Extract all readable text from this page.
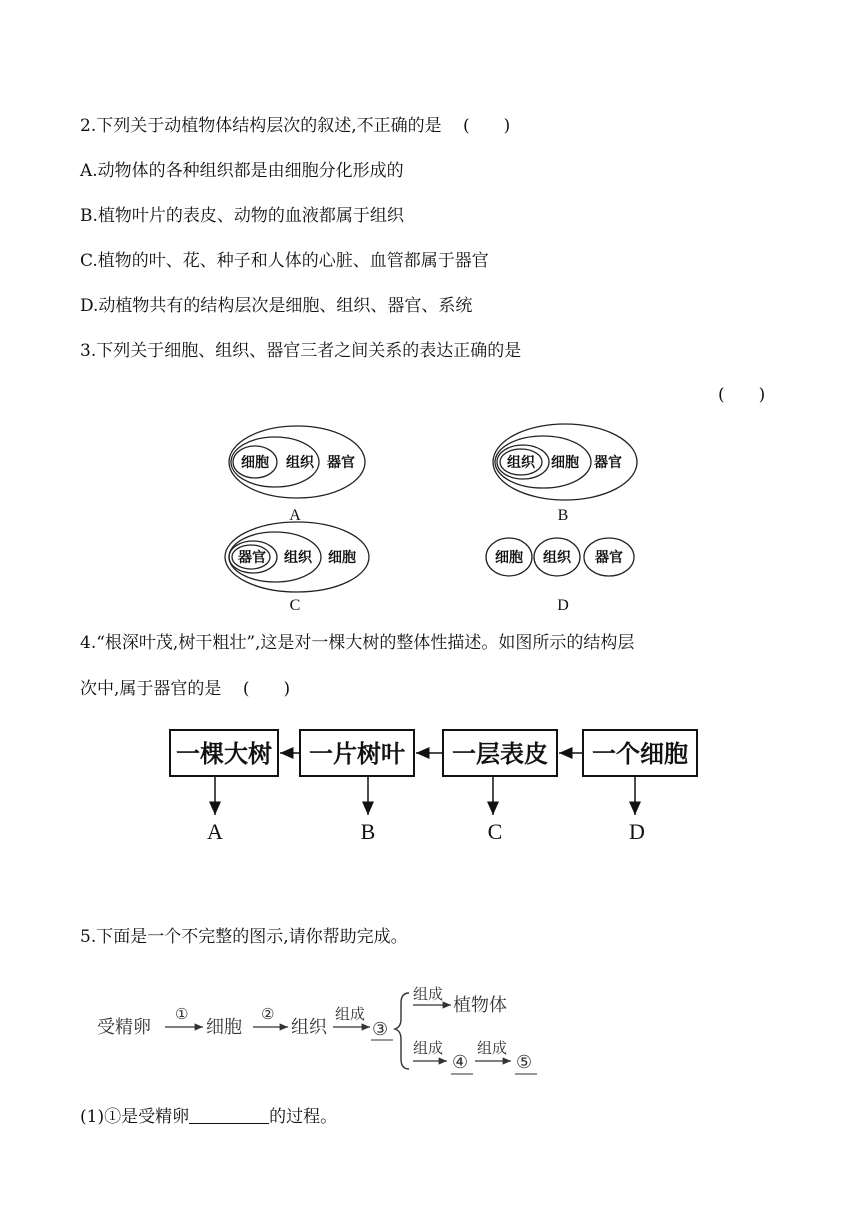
2.下列关于动植物体结构层次的叙述,不正确的是 (　　)
A.动物体的各种组织都是由细胞分化形成的
B.植物叶片的表皮、动物的血液都属于组织
C.植物的叶、花、种子和人体的心脏、血管都属于器官
D.动植物共有的结构层次是细胞、组织、器官、系统
3.下列关于细胞、组织、器官三者之间关系的表达正确的是
(　　)
细胞 组织 器官	组织 细胞 器官
器官 组织 细胞	细胞 组织 器官
A	B
C	D
4.“根深叶茂,树干粗壮”,这是对一棵大树的整体性描述。如图所示的结构层
次中,属于器官的是 (　　)
一棵大树 一片树叶 一层表皮 一个细胞
A	B	C	D
5.下面是一个不完整的图示,请你帮助完成。
受精卵	细胞	组织	③
植物体
④	⑤
①	②	组成
组成
组成 组成
(1)①是受精卵	的过程。
